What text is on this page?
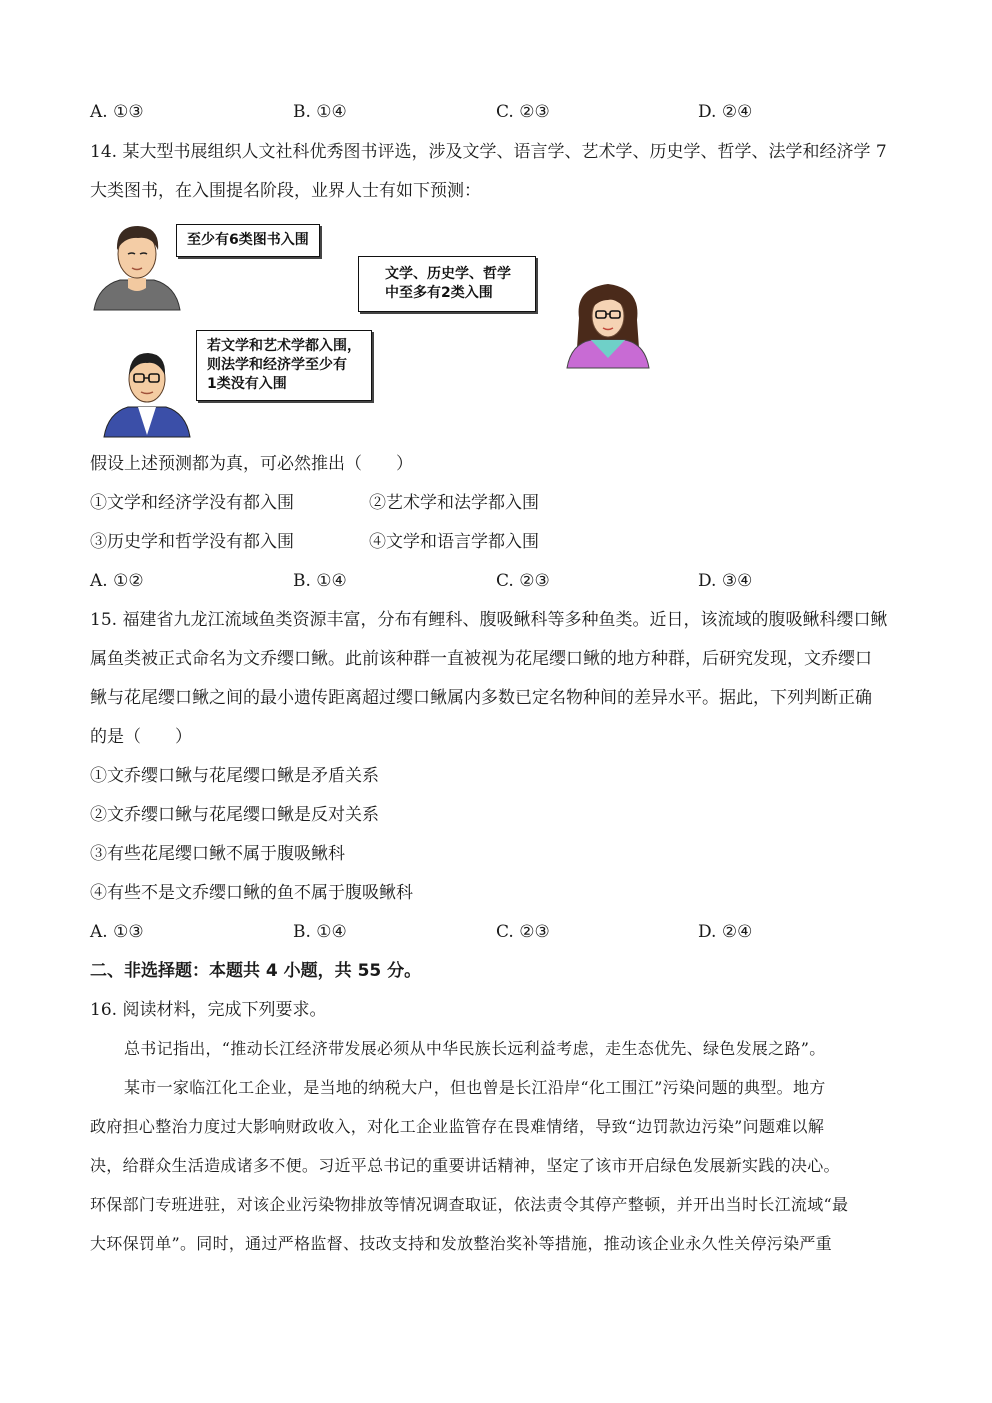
A. ①③	B. ①④	C. ②③	D. ②④
14. 某大型书展组织人文社科优秀图书评选，涉及文学、语言学、艺术学、历史学、哲学、法学和经济学 7
大类图书，在入围提名阶段，业界人士有如下预测：
至少有6类图书入围
文学、历史学、哲学
中至多有2类入围
若文学和艺术学都入围，
则法学和经济学至少有
1类没有入围
假设上述预测都为真，可必然推出（　　）
①文学和经济学没有都入围	②艺术学和法学都入围
③历史学和哲学没有都入围	④文学和语言学都入围
A. ①②	B. ①④	C. ②③	D. ③④
15. 福建省九龙江流域鱼类资源丰富，分布有鲤科、腹吸鳅科等多种鱼类。近日，该流域的腹吸鳅科缨口鳅
属鱼类被正式命名为文乔缨口鳅。此前该种群一直被视为花尾缨口鳅的地方种群，后研究发现，文乔缨口
鳅与花尾缨口鳅之间的最小遗传距离超过缨口鳅属内多数已定名物种间的差异水平。据此，下列判断正确
的是（　　）
①文乔缨口鳅与花尾缨口鳅是矛盾关系
②文乔缨口鳅与花尾缨口鳅是反对关系
③有些花尾缨口鳅不属于腹吸鳅科
④有些不是文乔缨口鳅的鱼不属于腹吸鳅科
A. ①③	B. ①④	C. ②③	D. ②④
二、非选择题：本题共 4 小题，共 55 分。
16. 阅读材料，完成下列要求。
总书记指出，“推动长江经济带发展必须从中华民族长远利益考虑，走生态优先、绿色发展之路”。
某市一家临江化工企业，是当地的纳税大户，但也曾是长江沿岸“化工围江”污染问题的典型。地方
政府担心整治力度过大影响财政收入，对化工企业监管存在畏难情绪，导致“边罚款边污染”问题难以解
决，给群众生活造成诸多不便。习近平总书记的重要讲话精神，坚定了该市开启绿色发展新实践的决心。
环保部门专班进驻，对该企业污染物排放等情况调查取证，依法责令其停产整顿，并开出当时长江流域“最
大环保罚单”。同时，通过严格监督、技改支持和发放整治奖补等措施，推动该企业永久性关停污染严重
